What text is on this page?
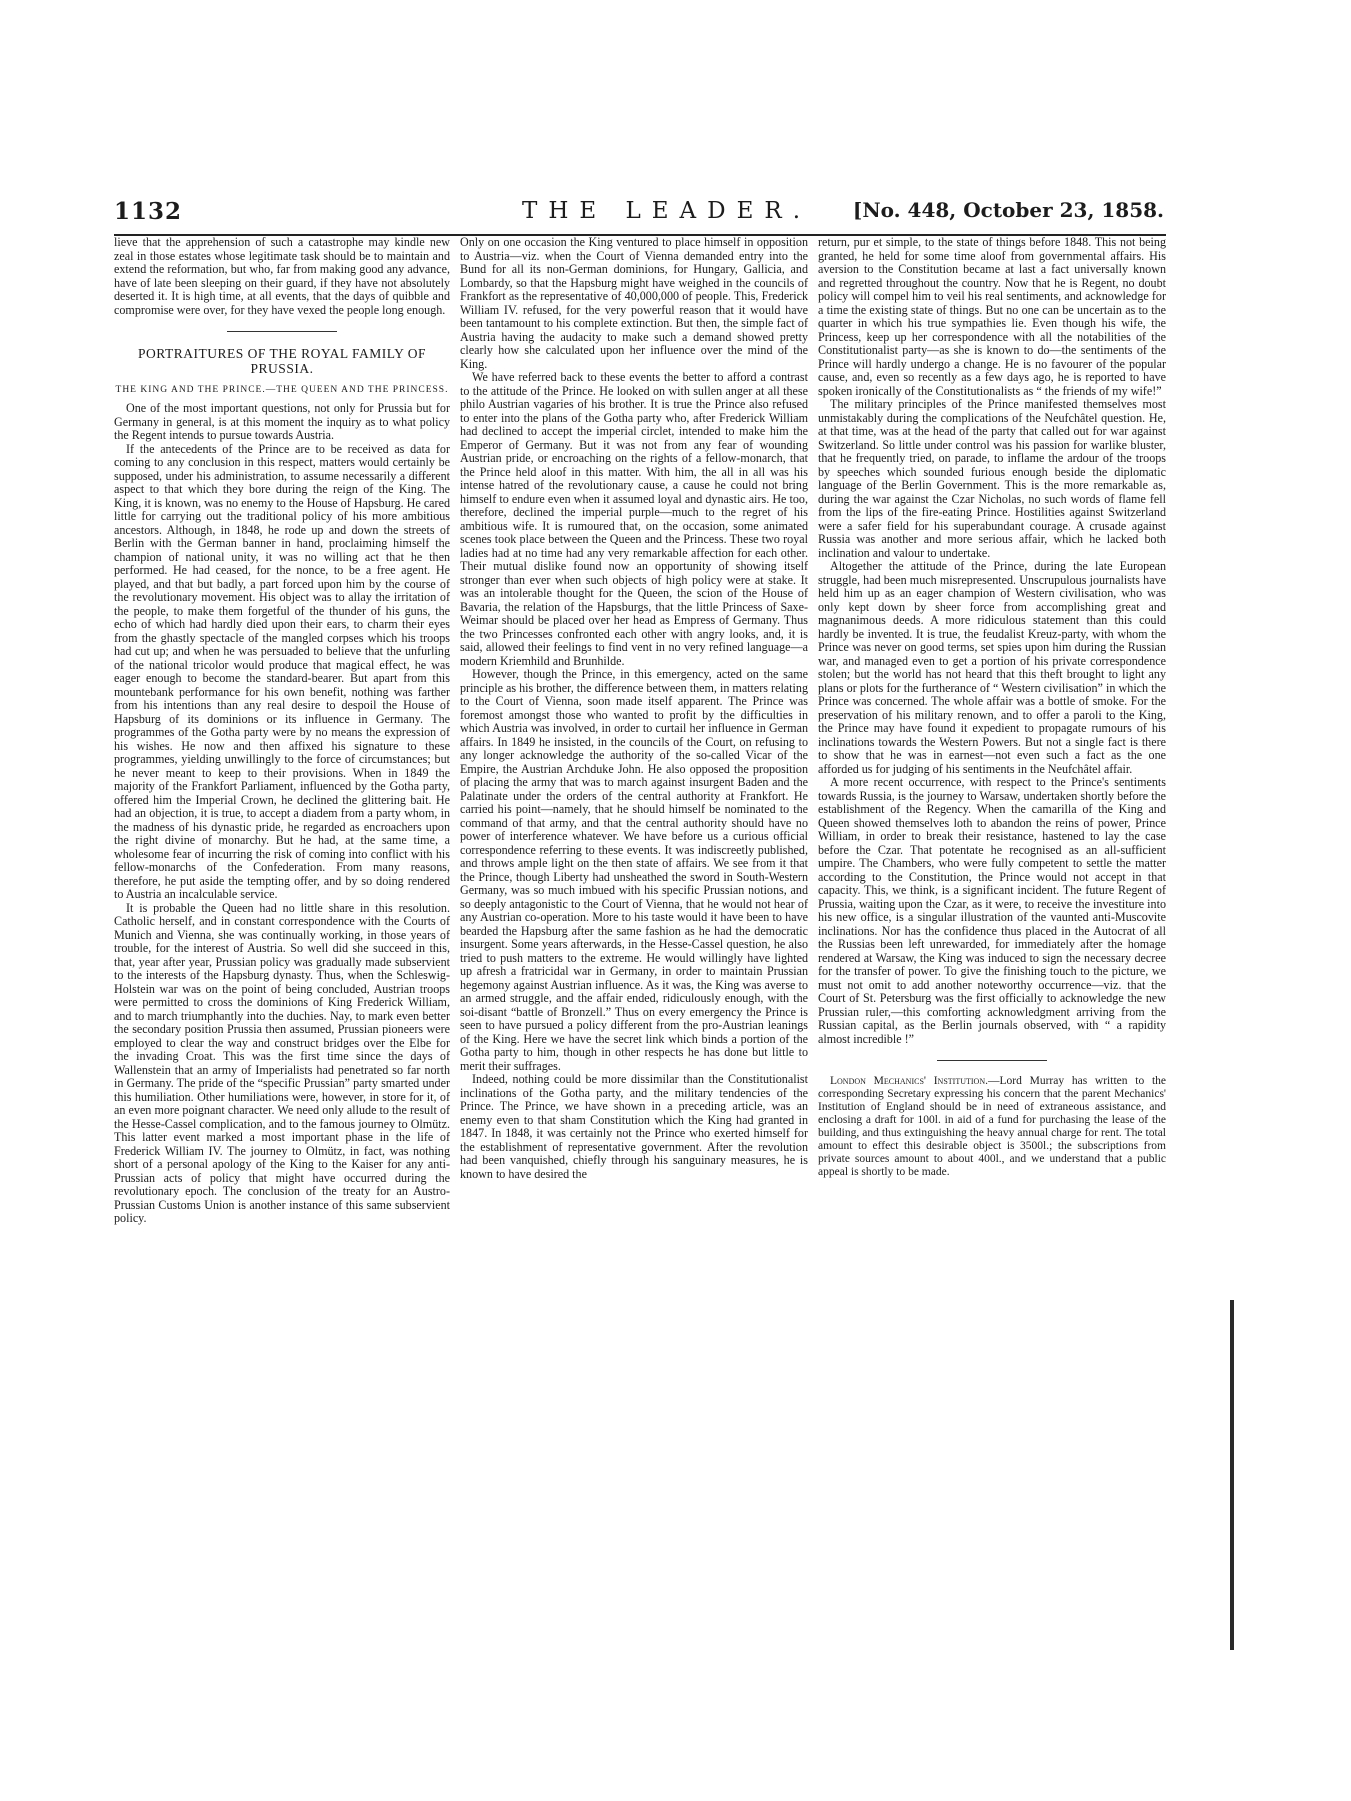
1132	THE LEADER. [No. 448, October 23, 1858.

lieve that the apprehension of such a catastrophe may kindle new zeal in those estates whose legitimate task should be to maintain and extend the reformation, but who, far from making good any advance, have of late been sleeping on their guard, if they have not absolutely deserted it. It is high time, at all events, that the days of quibble and compromise were over, for they have vexed the people long enough.

PORTRAITURES OF THE ROYAL FAMILY OF PRUSSIA.
THE KING AND THE PRINCE.—THE QUEEN AND THE PRINCESS.

One of the most important questions, not only for Prussia but for Germany in general, is at this moment the inquiry as to what policy the Regent intends to pursue towards Austria.

If the antecedents of the Prince are to be received as data for coming to any conclusion in this respect, matters would certainly be supposed, under his administration, to assume necessarily a different aspect to that which they bore during the reign of the King. The King, it is known, was no enemy to the House of Hapsburg. He cared little for carrying out the traditional policy of his more ambitious ancestors. Although, in 1848, he rode up and down the streets of Berlin with the German banner in hand, proclaiming himself the champion of national unity, it was no willing act that he then performed. He had ceased, for the nonce, to be a free agent. He played, and that but badly, a part forced upon him by the course of the revolutionary movement. His object was to allay the irritation of the people, to make them forgetful of the thunder of his guns, the echo of which had hardly died upon their ears, to charm their eyes from the ghastly spectacle of the mangled corpses which his troops had cut up; and when he was persuaded to believe that the unfurling of the national tricolor would produce that magical effect, he was eager enough to become the standard-bearer. But apart from this mountebank performance for his own benefit, nothing was farther from his intentions than any real desire to despoil the House of Hapsburg of its dominions or its influence in Germany. The programmes of the Gotha party were by no means the expression of his wishes. He now and then affixed his signature to these programmes, yielding unwillingly to the force of circumstances; but he never meant to keep to their provisions. When in 1849 the majority of the Frankfort Parliament, influenced by the Gotha party, offered him the Imperial Crown, he declined the glittering bait. He had an objection, it is true, to accept a diadem from a party whom, in the madness of his dynastic pride, he regarded as encroachers upon the right divine of monarchy. But he had, at the same time, a wholesome fear of incurring the risk of coming into conflict with his fellow-monarchs of the Confederation. From many reasons, therefore, he put aside the tempting offer, and by so doing rendered to Austria an incalculable service.

It is probable the Queen had no little share in this resolution. Catholic herself, and in constant correspondence with the Courts of Munich and Vienna, she was continually working, in those years of trouble, for the interest of Austria. So well did she succeed in this, that, year after year, Prussian policy was gradually made subservient to the interests of the Hapsburg dynasty. Thus, when the Schleswig-Holstein war was on the point of being concluded, Austrian troops were permitted to cross the dominions of King Frederick William, and to march triumphantly into the duchies. Nay, to mark even better the secondary position Prussia then assumed, Prussian pioneers were employed to clear the way and construct bridges over the Elbe for the invading Croat. This was the first time since the days of Wallenstein that an army of Imperialists had penetrated so far north in Germany. The pride of the “specific Prussian” party smarted under this humiliation. Other humiliations were, however, in store for it, of an even more poignant character. We need only allude to the result of the Hesse-Cassel complication, and to the famous journey to Olmütz. This latter event marked a most important phase in the life of Frederick William IV. The journey to Olmütz, in fact, was nothing short of a personal apology of the King to the Kaiser for any anti-Prussian acts of policy that might have occurred during the revolutionary epoch. The conclusion of the treaty for an Austro-Prussian Customs Union is another instance of this same subservient policy.

Only on one occasion the King ventured to place himself in opposition to Austria—viz. when the Court of Vienna demanded entry into the Bund for all its non-German dominions, for Hungary, Gallicia, and Lombardy, so that the Hapsburg might have weighed in the councils of Frankfort as the representative of 40,000,000 of people. This, Frederick William IV. refused, for the very powerful reason that it would have been tantamount to his complete extinction. But then, the simple fact of Austria having the audacity to make such a demand showed pretty clearly how she calculated upon her influence over the mind of the King.

We have referred back to these events the better to afford a contrast to the attitude of the Prince. He looked on with sullen anger at all these philo Austrian vagaries of his brother. It is true the Prince also refused to enter into the plans of the Gotha party who, after Frederick William had declined to accept the imperial circlet, intended to make him the Emperor of Germany. But it was not from any fear of wounding Austrian pride, or encroaching on the rights of a fellow-monarch, that the Prince held aloof in this matter. With him, the all in all was his intense hatred of the revolutionary cause, a cause he could not bring himself to endure even when it assumed loyal and dynastic airs. He too, therefore, declined the imperial purple—much to the regret of his ambitious wife. It is rumoured that, on the occasion, some animated scenes took place between the Queen and the Princess. These two royal ladies had at no time had any very remarkable affection for each other. Their mutual dislike found now an opportunity of showing itself stronger than ever when such objects of high policy were at stake. It was an intolerable thought for the Queen, the scion of the House of Bavaria, the relation of the Hapsburgs, that the little Princess of Saxe-Weimar should be placed over her head as Empress of Germany. Thus the two Princesses confronted each other with angry looks, and, it is said, allowed their feelings to find vent in no very refined language—a modern Kriemhild and Brunhilde.

However, though the Prince, in this emergency, acted on the same principle as his brother, the difference between them, in matters relating to the Court of Vienna, soon made itself apparent. The Prince was foremost amongst those who wanted to profit by the difficulties in which Austria was involved, in order to curtail her influence in German affairs. In 1849 he insisted, in the councils of the Court, on refusing to any longer acknowledge the authority of the so-called Vicar of the Empire, the Austrian Archduke John. He also opposed the proposition of placing the army that was to march against insurgent Baden and the Palatinate under the orders of the central authority at Frankfort. He carried his point—namely, that he should himself be nominated to the command of that army, and that the central authority should have no power of interference whatever. We have before us a curious official correspondence referring to these events. It was indiscreetly published, and throws ample light on the then state of affairs. We see from it that the Prince, though Liberty had unsheathed the sword in South-Western Germany, was so much imbued with his specific Prussian notions, and so deeply antagonistic to the Court of Vienna, that he would not hear of any Austrian co-operation. More to his taste would it have been to have bearded the Hapsburg after the same fashion as he had the democratic insurgent. Some years afterwards, in the Hesse-Cassel question, he also tried to push matters to the extreme. He would willingly have lighted up afresh a fratricidal war in Germany, in order to maintain Prussian hegemony against Austrian influence. As it was, the King was averse to an armed struggle, and the affair ended, ridiculously enough, with the soi-disant “battle of Bronzell.” Thus on every emergency the Prince is seen to have pursued a policy different from the pro-Austrian leanings of the King. Here we have the secret link which binds a portion of the Gotha party to him, though in other respects he has done but little to merit their suffrages.

Indeed, nothing could be more dissimilar than the Constitutionalist inclinations of the Gotha party, and the military tendencies of the Prince. The Prince, we have shown in a preceding article, was an enemy even to that sham Constitution which the King had granted in 1847. In 1848, it was certainly not the Prince who exerted himself for the establishment of representative government. After the revolution had been vanquished, chiefly through his sanguinary measures, he is known to have desired the

return, pur et simple, to the state of things before 1848. This not being granted, he held for some time aloof from governmental affairs. His aversion to the Constitution became at last a fact universally known and regretted throughout the country. Now that he is Regent, no doubt policy will compel him to veil his real sentiments, and acknowledge for a time the existing state of things. But no one can be uncertain as to the quarter in which his true sympathies lie. Even though his wife, the Princess, keep up her correspondence with all the notabilities of the Constitutionalist party—as she is known to do—the sentiments of the Prince will hardly undergo a change. He is no favourer of the popular cause, and, even so recently as a few days ago, he is reported to have spoken ironically of the Constitutionalists as “ the friends of my wife!”

The military principles of the Prince manifested themselves most unmistakably during the complications of the Neufchâtel question. He, at that time, was at the head of the party that called out for war against Switzerland. So little under control was his passion for warlike bluster, that he frequently tried, on parade, to inflame the ardour of the troops by speeches which sounded furious enough beside the diplomatic language of the Berlin Government. This is the more remarkable as, during the war against the Czar Nicholas, no such words of flame fell from the lips of the fire-eating Prince. Hostilities against Switzerland were a safer field for his superabundant courage. A crusade against Russia was another and more serious affair, which he lacked both inclination and valour to undertake.

Altogether the attitude of the Prince, during the late European struggle, had been much misrepresented. Unscrupulous journalists have held him up as an eager champion of Western civilisation, who was only kept down by sheer force from accomplishing great and magnanimous deeds. A more ridiculous statement than this could hardly be invented. It is true, the feudalist Kreuz-party, with whom the Prince was never on good terms, set spies upon him during the Russian war, and managed even to get a portion of his private correspondence stolen; but the world has not heard that this theft brought to light any plans or plots for the furtherance of “ Western civilisation” in which the Prince was concerned. The whole affair was a bottle of smoke. For the preservation of his military renown, and to offer a paroli to the King, the Prince may have found it expedient to propagate rumours of his inclinations towards the Western Powers. But not a single fact is there to show that he was in earnest—not even such a fact as the one afforded us for judging of his sentiments in the Neufchâtel affair.

A more recent occurrence, with respect to the Prince's sentiments towards Russia, is the journey to Warsaw, undertaken shortly before the establishment of the Regency. When the camarilla of the King and Queen showed themselves loth to abandon the reins of power, Prince William, in order to break their resistance, hastened to lay the case before the Czar. That potentate he recognised as an all-sufficient umpire. The Chambers, who were fully competent to settle the matter according to the Constitution, the Prince would not accept in that capacity. This, we think, is a significant incident. The future Regent of Prussia, waiting upon the Czar, as it were, to receive the investiture into his new office, is a singular illustration of the vaunted anti-Muscovite inclinations. Nor has the confidence thus placed in the Autocrat of all the Russias been left unrewarded, for immediately after the homage rendered at Warsaw, the King was induced to sign the necessary decree for the transfer of power. To give the finishing touch to the picture, we must not omit to add another noteworthy occurrence—viz. that the Court of St. Petersburg was the first officially to acknowledge the new Prussian ruler,—this comforting acknowledgment arriving from the Russian capital, as the Berlin journals observed, with “ a rapidity almost incredible !”

London Mechanics' Institution.—Lord Murray has written to the corresponding Secretary expressing his concern that the parent Mechanics' Institution of England should be in need of extraneous assistance, and enclosing a draft for 100l. in aid of a fund for purchasing the lease of the building, and thus extinguishing the heavy annual charge for rent. The total amount to effect this desirable object is 3500l.; the subscriptions from private sources amount to about 400l., and we understand that a public appeal is shortly to be made.
